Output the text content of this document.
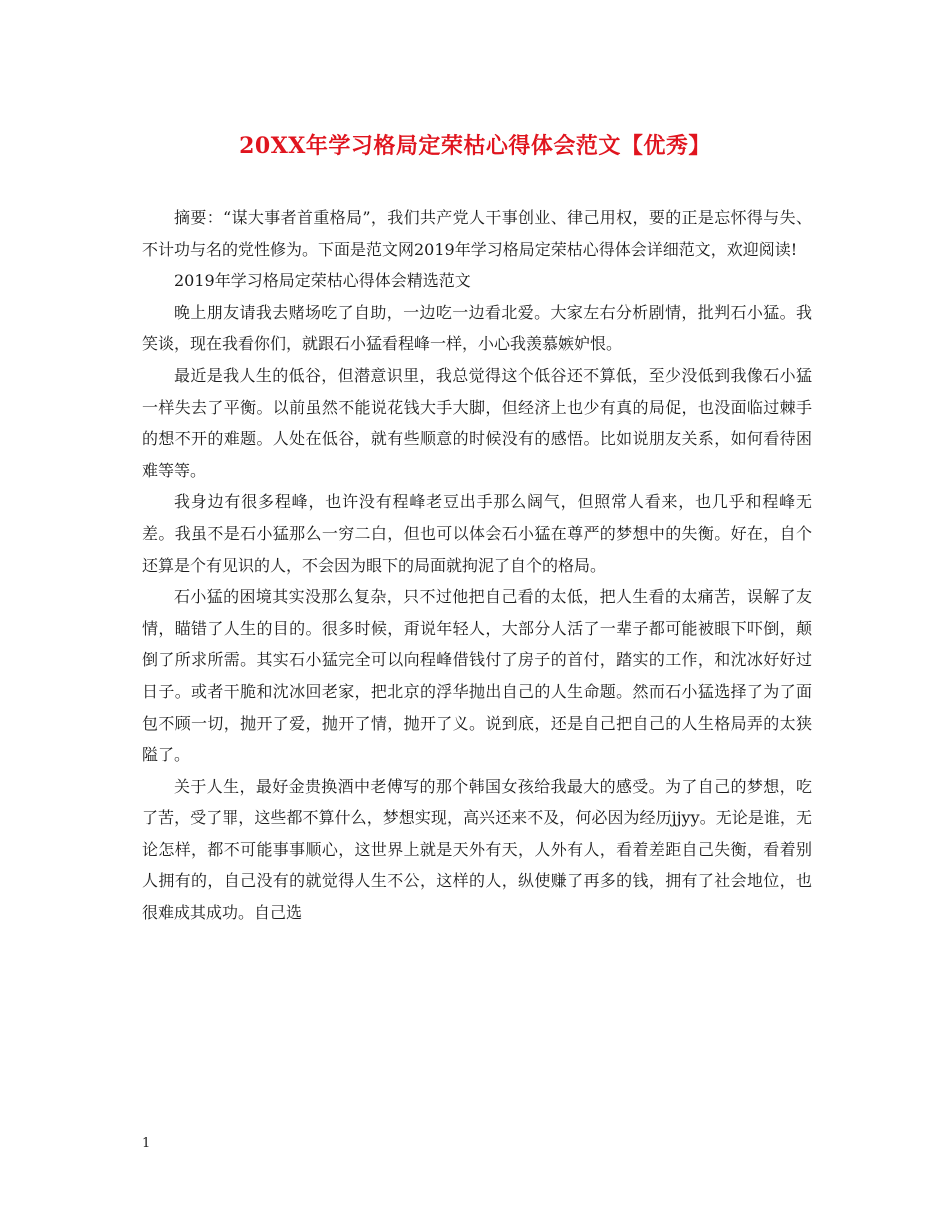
20XX年学习格局定荣枯心得体会范文【优秀】

摘要：“谋大事者首重格局”，我们共产党人干事创业、律己用权，要的正是忘怀得与失、不计功与名的党性修为。下面是范文网2019年学习格局定荣枯心得体会详细范文，欢迎阅读!

2019年学习格局定荣枯心得体会精选范文

晚上朋友请我去赌场吃了自助，一边吃一边看北爱。大家左右分析剧情，批判石小猛。我笑谈，现在我看你们，就跟石小猛看程峰一样，小心我羡慕嫉妒恨。

最近是我人生的低谷，但潜意识里，我总觉得这个低谷还不算低，至少没低到我像石小猛一样失去了平衡。以前虽然不能说花钱大手大脚，但经济上也少有真的局促，也没面临过棘手的想不开的难题。人处在低谷，就有些顺意的时候没有的感悟。比如说朋友关系，如何看待困难等等。

我身边有很多程峰，也许没有程峰老豆出手那么阔气，但照常人看来，也几乎和程峰无差。我虽不是石小猛那么一穷二白，但也可以体会石小猛在尊严的梦想中的失衡。好在，自个还算是个有见识的人，不会因为眼下的局面就拘泥了自个的格局。

石小猛的困境其实没那么复杂，只不过他把自己看的太低，把人生看的太痛苦，误解了友情，瞄错了人生的目的。很多时候，甭说年轻人，大部分人活了一辈子都可能被眼下吓倒，颠倒了所求所需。其实石小猛完全可以向程峰借钱付了房子的首付，踏实的工作，和沈冰好好过日子。或者干脆和沈冰回老家，把北京的浮华抛出自己的人生命题。然而石小猛选择了为了面包不顾一切，抛开了爱，抛开了情，抛开了义。说到底，还是自己把自己的人生格局弄的太狭隘了。

关于人生，最好金贵换酒中老傅写的那个韩国女孩给我最大的感受。为了自己的梦想，吃了苦，受了罪，这些都不算什么，梦想实现，高兴还来不及，何必因为经历jjyy。无论是谁，无论怎样，都不可能事事顺心，这世界上就是天外有天，人外有人，看着差距自己失衡，看着别人拥有的，自己没有的就觉得人生不公，这样的人，纵使赚了再多的钱，拥有了社会地位，也很难成其成功。自己选

1
